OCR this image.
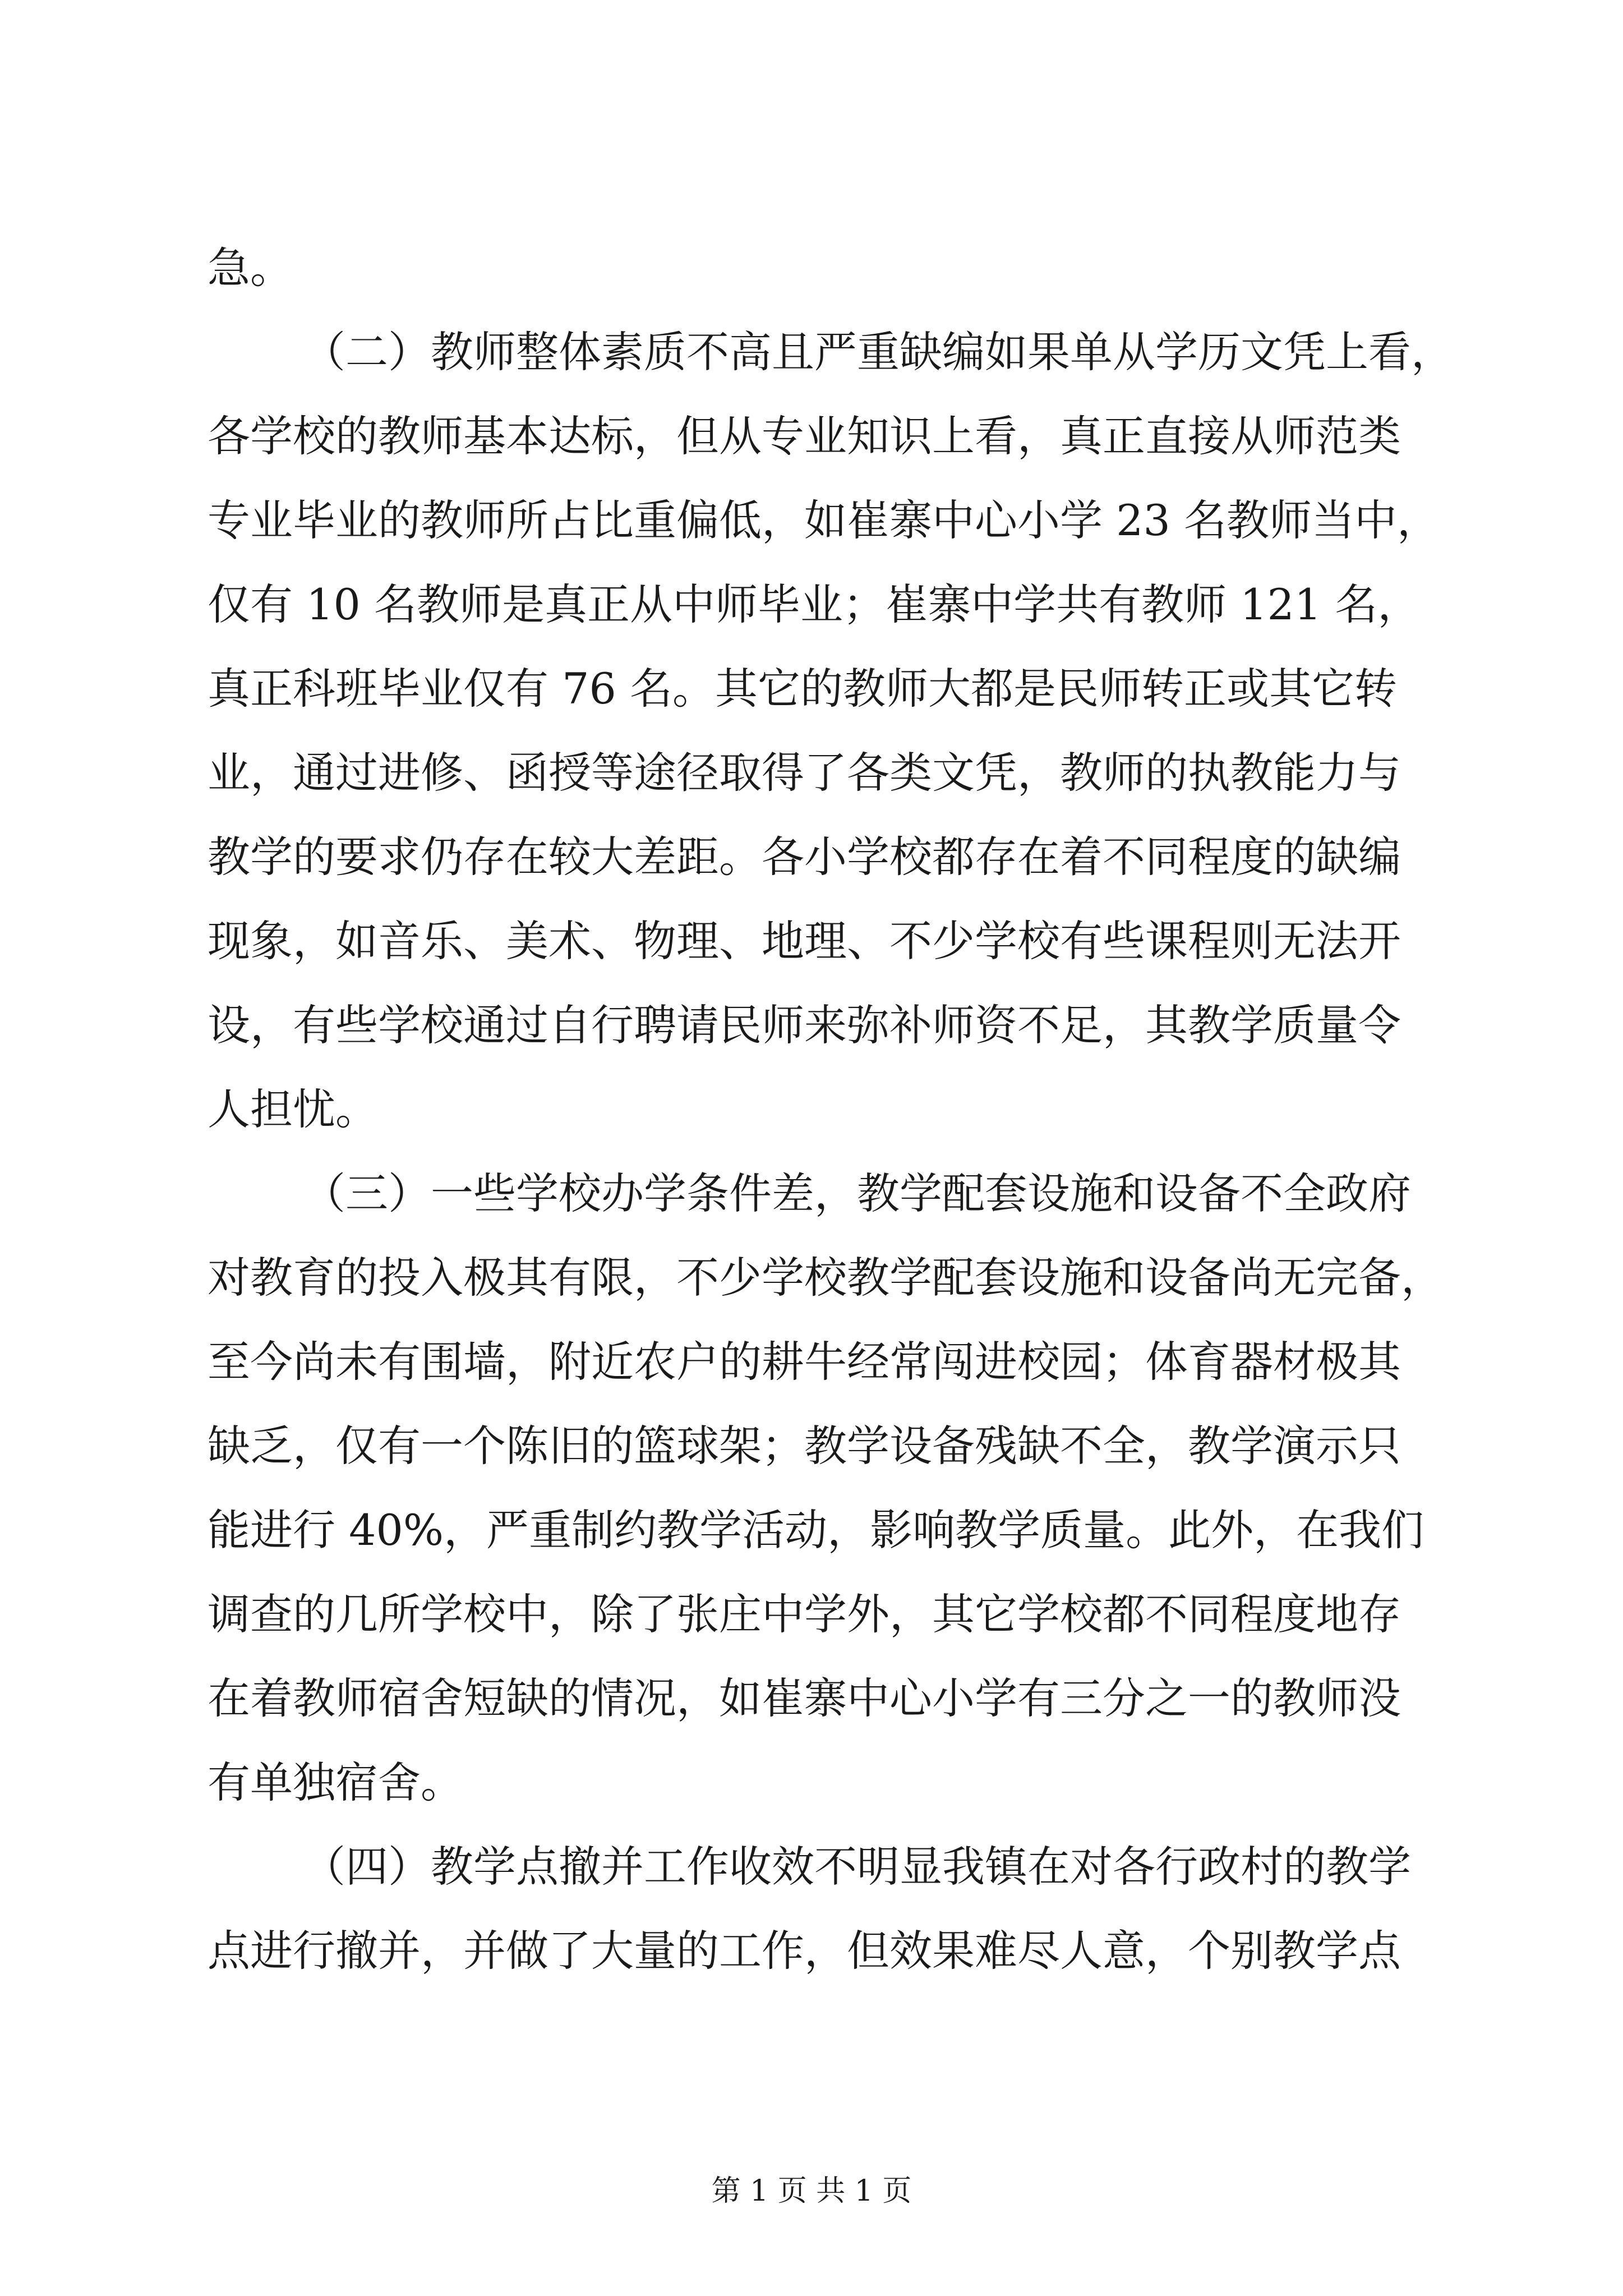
急。
（二）教师整体素质不高且严重缺编如果单从学历文凭上看，
各学校的教师基本达标，但从专业知识上看，真正直接从师范类
专业毕业的教师所占比重偏低，如崔寨中心小学 23 名教师当中，
仅有 10 名教师是真正从中师毕业；崔寨中学共有教师 121 名，
真正科班毕业仅有 76 名。其它的教师大都是民师转正或其它转
业，通过进修、函授等途径取得了各类文凭，教师的执教能力与
教学的要求仍存在较大差距。各小学校都存在着不同程度的缺编
现象，如音乐、美术、物理、地理、不少学校有些课程则无法开
设，有些学校通过自行聘请民师来弥补师资不足，其教学质量令
人担忧。
（三）一些学校办学条件差，教学配套设施和设备不全政府
对教育的投入极其有限，不少学校教学配套设施和设备尚无完备，
至今尚未有围墙，附近农户的耕牛经常闯进校园；体育器材极其
缺乏，仅有一个陈旧的篮球架；教学设备残缺不全，教学演示只
能进行 40%，严重制约教学活动，影响教学质量。此外，在我们
调查的几所学校中，除了张庄中学外，其它学校都不同程度地存
在着教师宿舍短缺的情况，如崔寨中心小学有三分之一的教师没
有单独宿舍。
（四）教学点撤并工作收效不明显我镇在对各行政村的教学
点进行撤并，并做了大量的工作，但效果难尽人意，个别教学点
第 1 页 共 1 页
